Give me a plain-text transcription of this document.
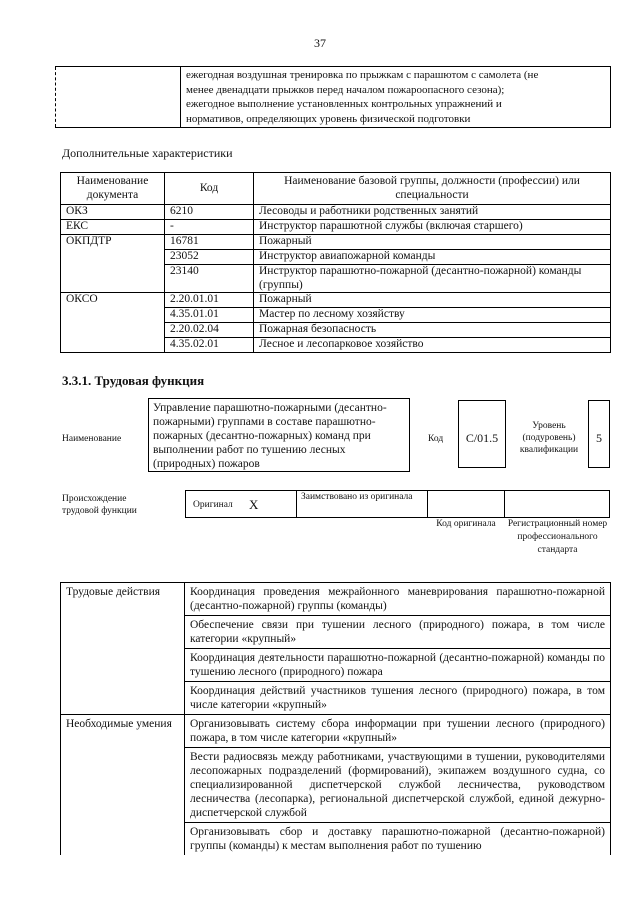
37

ежегодная воздушная тренировка по прыжкам с парашютом с самолета (не
менее двенадцати прыжков перед началом пожароопасного сезона);
ежегодное выполнение установленных контрольных упражнений и
нормативов, определяющих уровень физической подготовки
Дополнительные характеристики
Наименование документа	Код	Наименование базовой группы, должности (профессии) или специальности
ОКЗ	6210	Лесоводы и работники родственных занятий
ЕКС	-	Инструктор парашютной службы (включая старшего)
ОКПДТР	16781	Пожарный
	23052	Инструктор авиапожарной команды
	23140	Инструктор парашютно-пожарной (десантно-пожарной) команды (группы)
ОКСО	2.20.01.01	Пожарный
	4.35.01.01	Мастер по лесному хозяйству
	2.20.02.04	Пожарная безопасность
	4.35.02.01	Лесное и лесопарковое хозяйство
3.3.1. Трудовая функция
Наименование
Управление парашютно-пожарными (десантно-пожарными) группами в составе парашютно-пожарных (десантно-пожарных) команд при выполнении работ по тушению лесных (природных) пожаров
Код	C/01.5
Уровень (подуровень) квалификации
5
Происхождение трудовой функции
Оригинал X	Заимствовано из оригинала
Код оригинала	Регистрационный номер профессионального стандарта
Трудовые действия	Координация проведения межрайонного маневрирования парашютно-пожарной (десантно-пожарной) группы (команды)
	Обеспечение связи при тушении лесного (природного) пожара, в том числе категории «крупный»
	Координация деятельности парашютно-пожарной (десантно-пожарной) команды по тушению лесного (природного) пожара
	Координация действий участников тушения лесного (природного) пожара, в том числе категории «крупный»
Необходимые умения	Организовывать систему сбора информации при тушении лесного (природного) пожара, в том числе категории «крупный»
	Вести радиосвязь между работниками, участвующими в тушении, руководителями лесопожарных подразделений (формирований), экипажем воздушного судна, со специализированной диспетчерской службой лесничества, руководством лесничества (лесопарка), региональной диспетчерской службой, единой дежурно-диспетчерской службой
	Организовывать сбор и доставку парашютно-пожарной (десантно-пожарной) группы (команды) к местам выполнения работ по тушению
